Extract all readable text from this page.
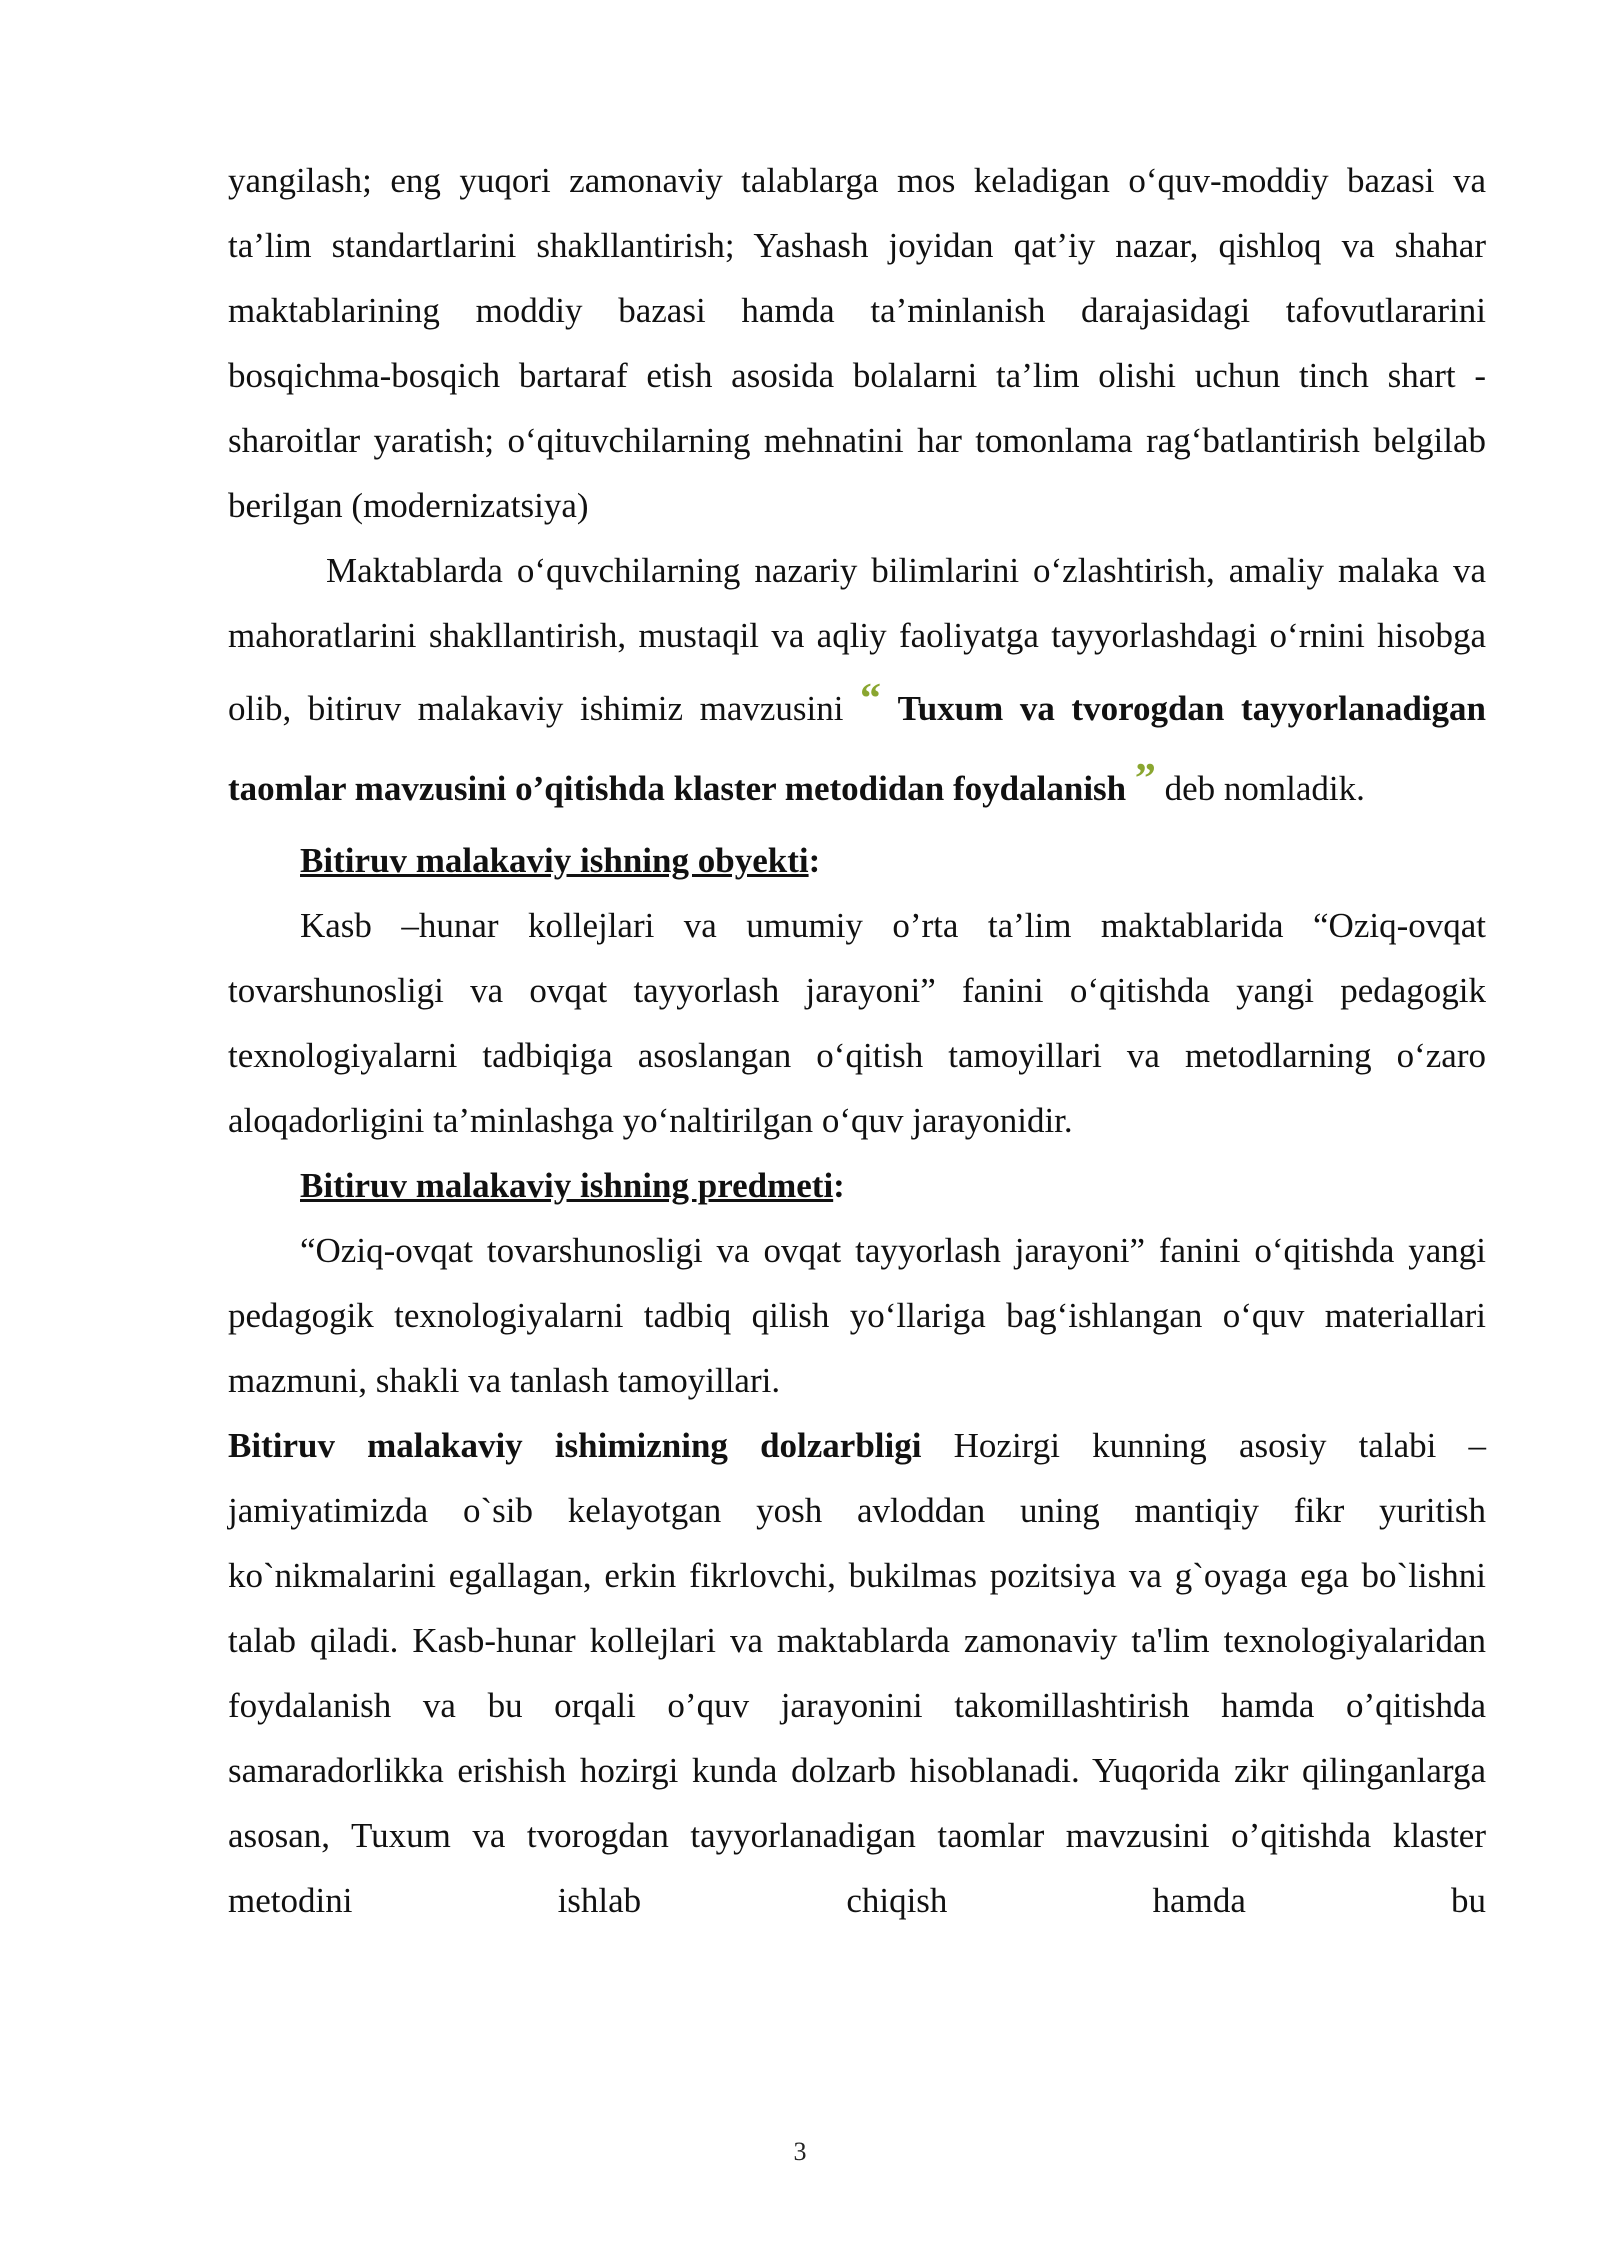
yangilash; eng yuqori zamonaviy talablarga mos keladigan o‘quv-moddiy bazasi va ta’lim standartlarini shakllantirish; Yashash joyidan qat’iy nazar, qishloq va shahar maktablarining moddiy bazasi hamda ta’minlanish darajasidagi tafovutlararini bosqichma-bosqich bartaraf etish asosida bolalarni ta’lim olishi uchun tinch shart - sharoitlar yaratish; o‘qituvchilarning mehnatini har tomonlama rag‘batlantirish belgilab berilgan (modernizatsiya)

Maktablarda o‘quvchilarning nazariy bilimlarini o‘zlashtirish, amaliy malaka va mahoratlarini shakllantirish, mustaqil va aqliy faoliyatga tayyorlashdagi o‘rnini hisobga olib, bitiruv malakaviy ishimiz mavzusini “ Tuxum va tvorogdan tayyorlanadigan taomlar mavzusini o’qitishda klaster metodidan foydalanish ” deb nomladik.

Bitiruv malakaviy ishning obyekti:

Kasb –hunar kollejlari va umumiy o’rta ta’lim maktablarida “Oziq-ovqat tovarshunosligi va ovqat tayyorlash jarayoni” fanini o‘qitishda yangi pedagogik texnologiyalarni tadbiqiga asoslangan o‘qitish tamoyillari va metodlarning o‘zaro aloqadorligini ta’minlashga yo‘naltirilgan o‘quv jarayonidir.

Bitiruv malakaviy ishning predmeti:

“Oziq-ovqat tovarshunosligi va ovqat tayyorlash jarayoni” fanini o‘qitishda yangi pedagogik texnologiyalarni tadbiq qilish yo‘llariga bag‘ishlangan o‘quv materiallari mazmuni, shakli va tanlash tamoyillari.

Bitiruv malakaviy ishimizning dolzarbligi Hozirgi kunning asosiy talabi – jamiyatimizda o`sib kelayotgan yosh avloddan uning mantiqiy fikr yuritish ko`nikmalarini egallagan, erkin fikrlovchi, bukilmas pozitsiya va g`oyaga ega bo`lishni talab qiladi. Kasb-hunar kollejlari va maktablarda zamonaviy ta'lim texnologiyalaridan foydalanish va bu orqali o’quv jarayonini takomillashtirish hamda o’qitishda samaradorlikka erishish hozirgi kunda dolzarb hisoblanadi. Yuqorida zikr qilinganlarga asosan, Tuxum va tvorogdan tayyorlanadigan taomlar mavzusini o’qitishda klaster metodini ishlab chiqish hamda bu

3
